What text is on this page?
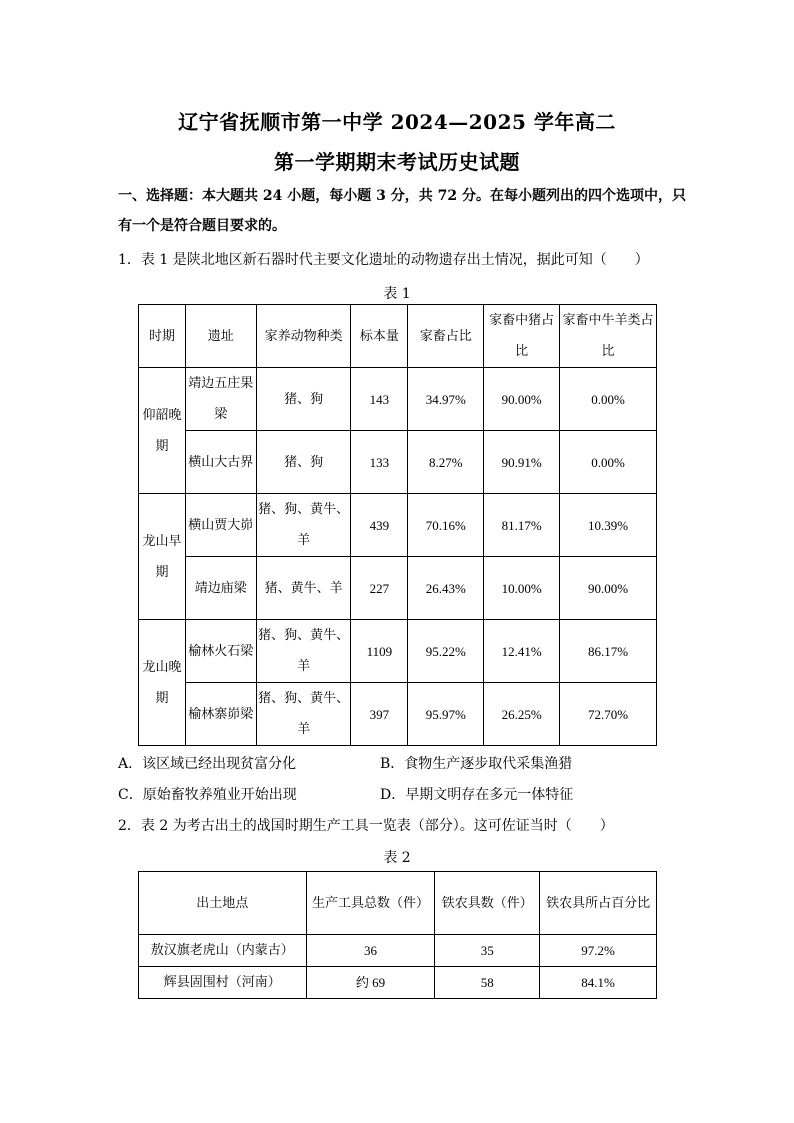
辽宁省抚顺市第一中学 2024—2025 学年高二
第一学期期末考试历史试题
一、选择题：本大题共 24 小题，每小题 3 分，共 72 分。在每小题列出的四个选项中，只有一个是符合题目要求的。
1．表 1 是陕北地区新石器时代主要文化遗址的动物遗存出土情况，据此可知（　　）
表 1
时期	遗址	家养动物种类	标本量	家畜占比	家畜中猪占比	家畜中牛羊类占比
仰韶晚期	靖边五庄果梁	猪、狗	143	34.97%	90.00%	0.00%
	横山大古界	猪、狗	133	8.27%	90.91%	0.00%
龙山早期	横山贾大峁	猪、狗、黄牛、羊	439	70.16%	81.17%	10.39%
	靖边庙梁	猪、黄牛、羊	227	26.43%	10.00%	90.00%
龙山晚期	榆林火石梁	猪、狗、黄牛、羊	1109	95.22%	12.41%	86.17%
	榆林寨峁梁	猪、狗、黄牛、羊	397	95.97%	26.25%	72.70%
A．该区域已经出现贫富分化	B．食物生产逐步取代采集渔猎
C．原始畜牧养殖业开始出现	D．早期文明存在多元一体特征
2．表 2 为考古出土的战国时期生产工具一览表（部分）。这可佐证当时（　　）
表 2
出土地点	生产工具总数（件）	铁农具数（件）	铁农具所占百分比
敖汉旗老虎山（内蒙古）	36	35	97.2%
辉县固围村（河南）	约 69	58	84.1%
